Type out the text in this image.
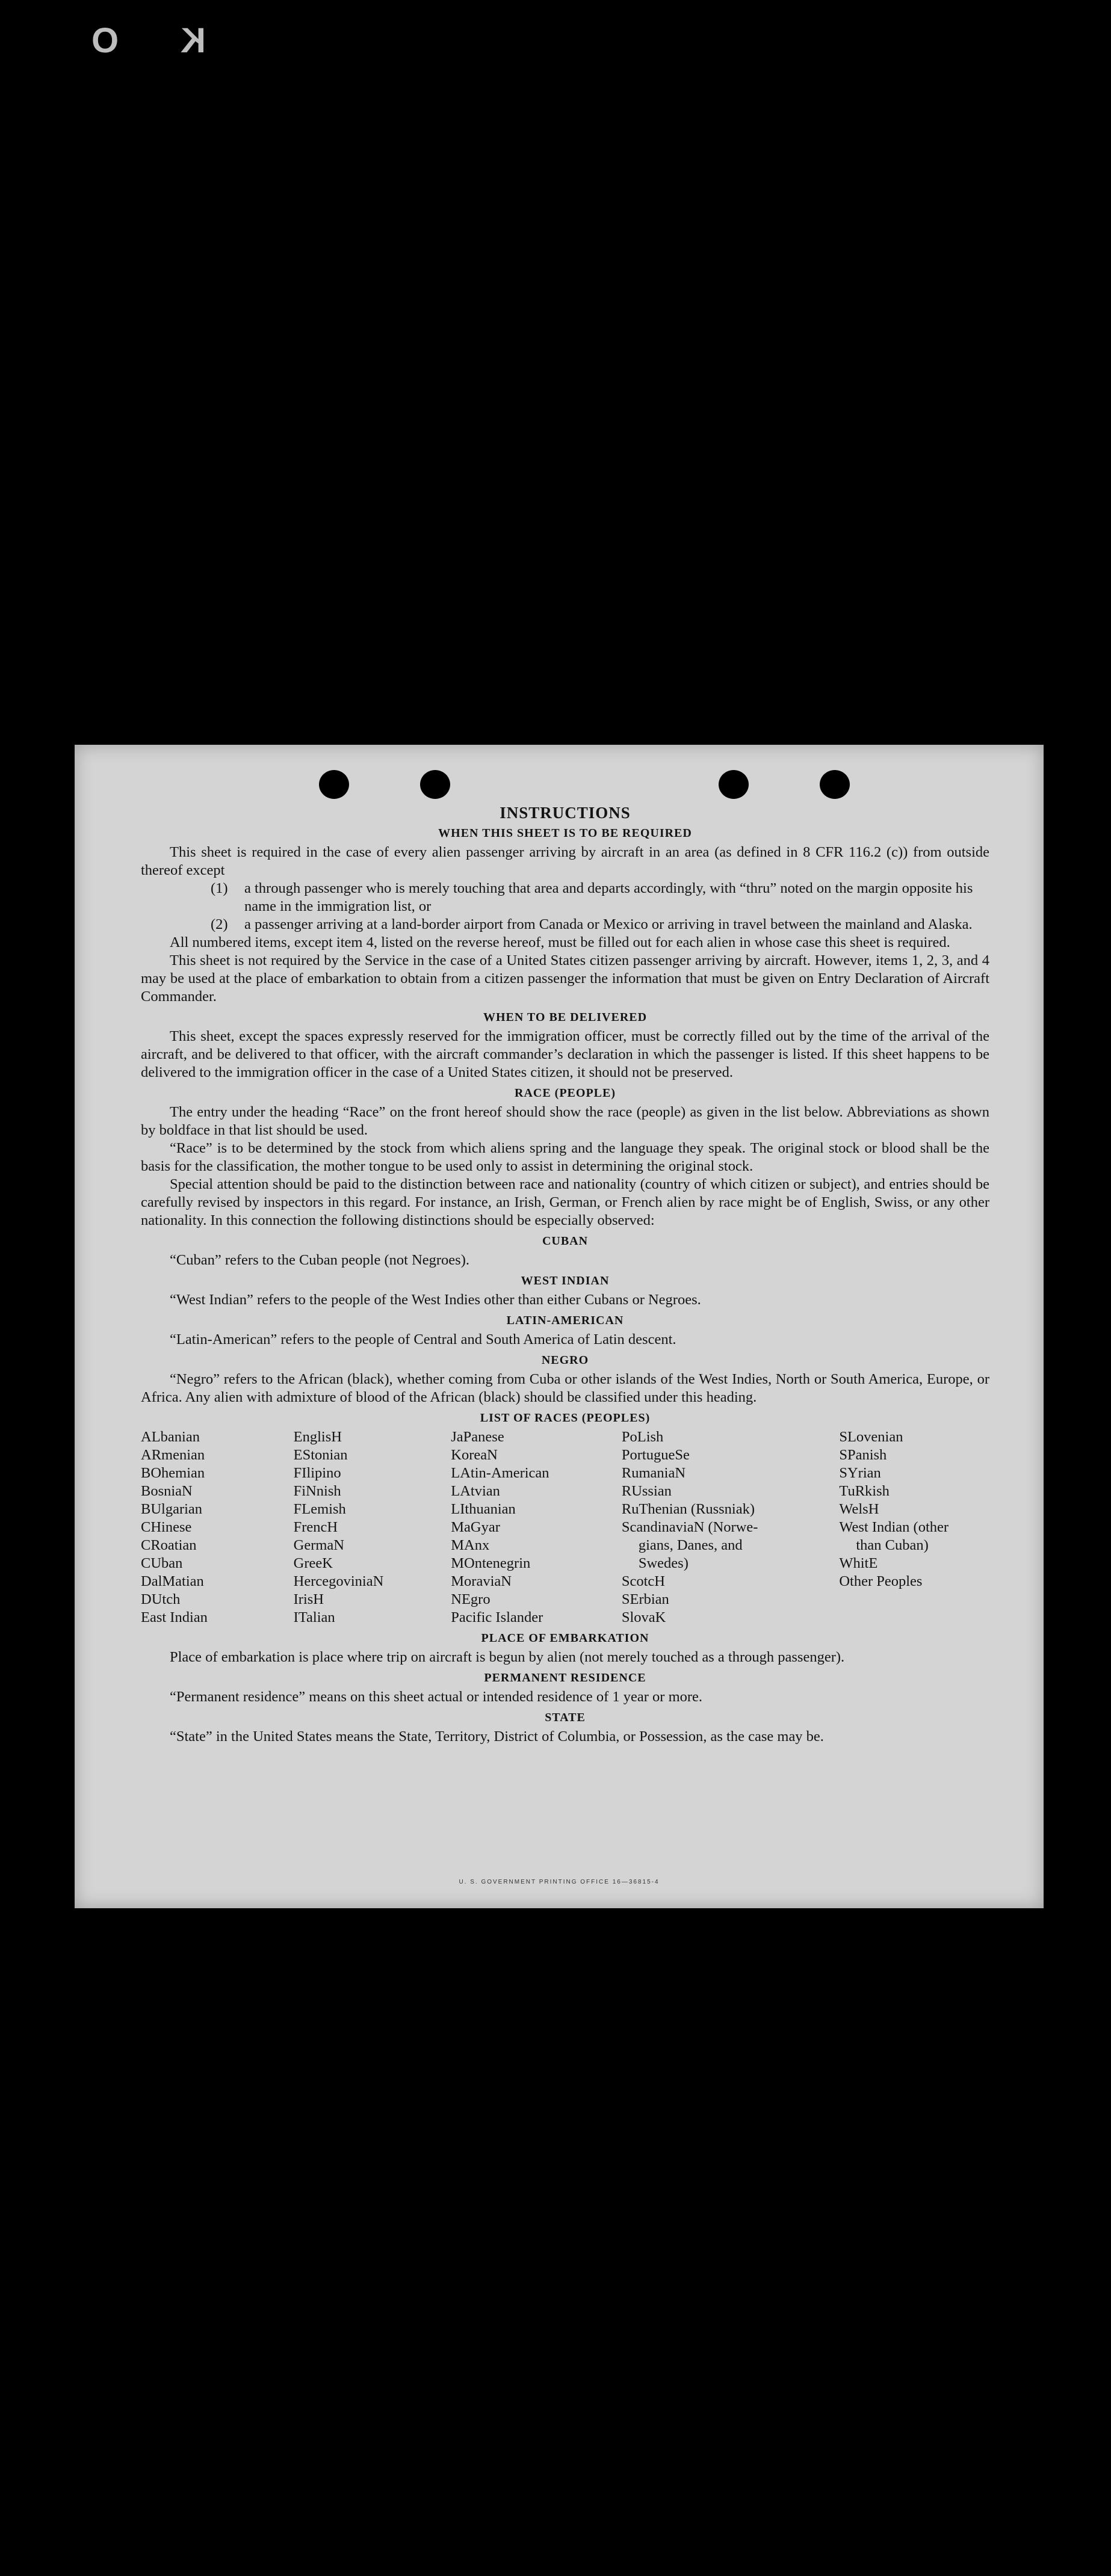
O K
INSTRUCTIONS
WHEN THIS SHEET IS TO BE REQUIRED

This sheet is required in the case of every alien passenger arriving by aircraft in an area (as defined in 8 CFR 116.2 (c)) from outside thereof except

(1)	a through passenger who is merely touching that area and departs accordingly, with “thru” noted on the margin opposite his name in the immigration list, or
(2)	a passenger arriving at a land-border airport from Canada or Mexico or arriving in travel between the mainland and Alaska.

All numbered items, except item 4, listed on the reverse hereof, must be filled out for each alien in whose case this sheet is required.

This sheet is not required by the Service in the case of a United States citizen passenger arriving by aircraft. However, items 1, 2, 3, and 4 may be used at the place of embarkation to obtain from a citizen passenger the information that must be given on Entry Declaration of Aircraft Commander.

WHEN TO BE DELIVERED

This sheet, except the spaces expressly reserved for the immigration officer, must be correctly filled out by the time of the arrival of the aircraft, and be delivered to that officer, with the aircraft commander’s declaration in which the passenger is listed. If this sheet happens to be delivered to the immigration officer in the case of a United States citizen, it should not be preserved.

RACE (PEOPLE)

The entry under the heading “Race” on the front hereof should show the race (people) as given in the list below. Abbreviations as shown by boldface in that list should be used.

“Race” is to be determined by the stock from which aliens spring and the language they speak. The original stock or blood shall be the basis for the classification, the mother tongue to be used only to assist in determining the original stock.

Special attention should be paid to the distinction between race and nationality (country of which citizen or subject), and entries should be carefully revised by inspectors in this regard. For instance, an Irish, German, or French alien by race might be of English, Swiss, or any other nationality. In this connection the following distinctions should be especially observed:

CUBAN

“Cuban” refers to the Cuban people (not Negroes).

WEST INDIAN

“West Indian” refers to the people of the West Indies other than either Cubans or Negroes.

LATIN-AMERICAN

“Latin-American” refers to the people of Central and South America of Latin descent.

NEGRO

“Negro” refers to the African (black), whether coming from Cuba or other islands of the West Indies, North or South America, Europe, or Africa. Any alien with admixture of blood of the African (black) should be classified under this heading.

LIST OF RACES (PEOPLES)
ALbanian
ARmenian
BOhemian
BosniaN
BUlgarian
CHinese
CRoatian
CUban
DalMatian
DUtch
East Indian
EnglisH
EStonian
FIlipino
FiNnish
FLemish
FrencH
GermaN
GreeK
HercegoviniaN
IrisH
ITalian
JaPanese
KoreaN
LAtin-American
LAtvian
LIthuanian
MaGyar
MAnx
MOntenegrin
MoraviaN
NEgro
Pacific Islander
PoLish
PortugueSe
RumaniaN
RUssian
RuThenian (Russniak)
ScandinaviaN (Norwe-
gians, Danes, and
Swedes)
ScotcH
SErbian
SlovaK
SLovenian
SPanish
SYrian
TuRkish
WelsH
West Indian (other
than Cuban)
WhitE
Other Peoples
PLACE OF EMBARKATION

Place of embarkation is place where trip on aircraft is begun by alien (not merely touched as a through passenger).

PERMANENT RESIDENCE

“Permanent residence” means on this sheet actual or intended residence of 1 year or more.

STATE

“State” in the United States means the State, Territory, District of Columbia, or Possession, as the case may be.

U. S. GOVERNMENT PRINTING OFFICE 16—36815-4
